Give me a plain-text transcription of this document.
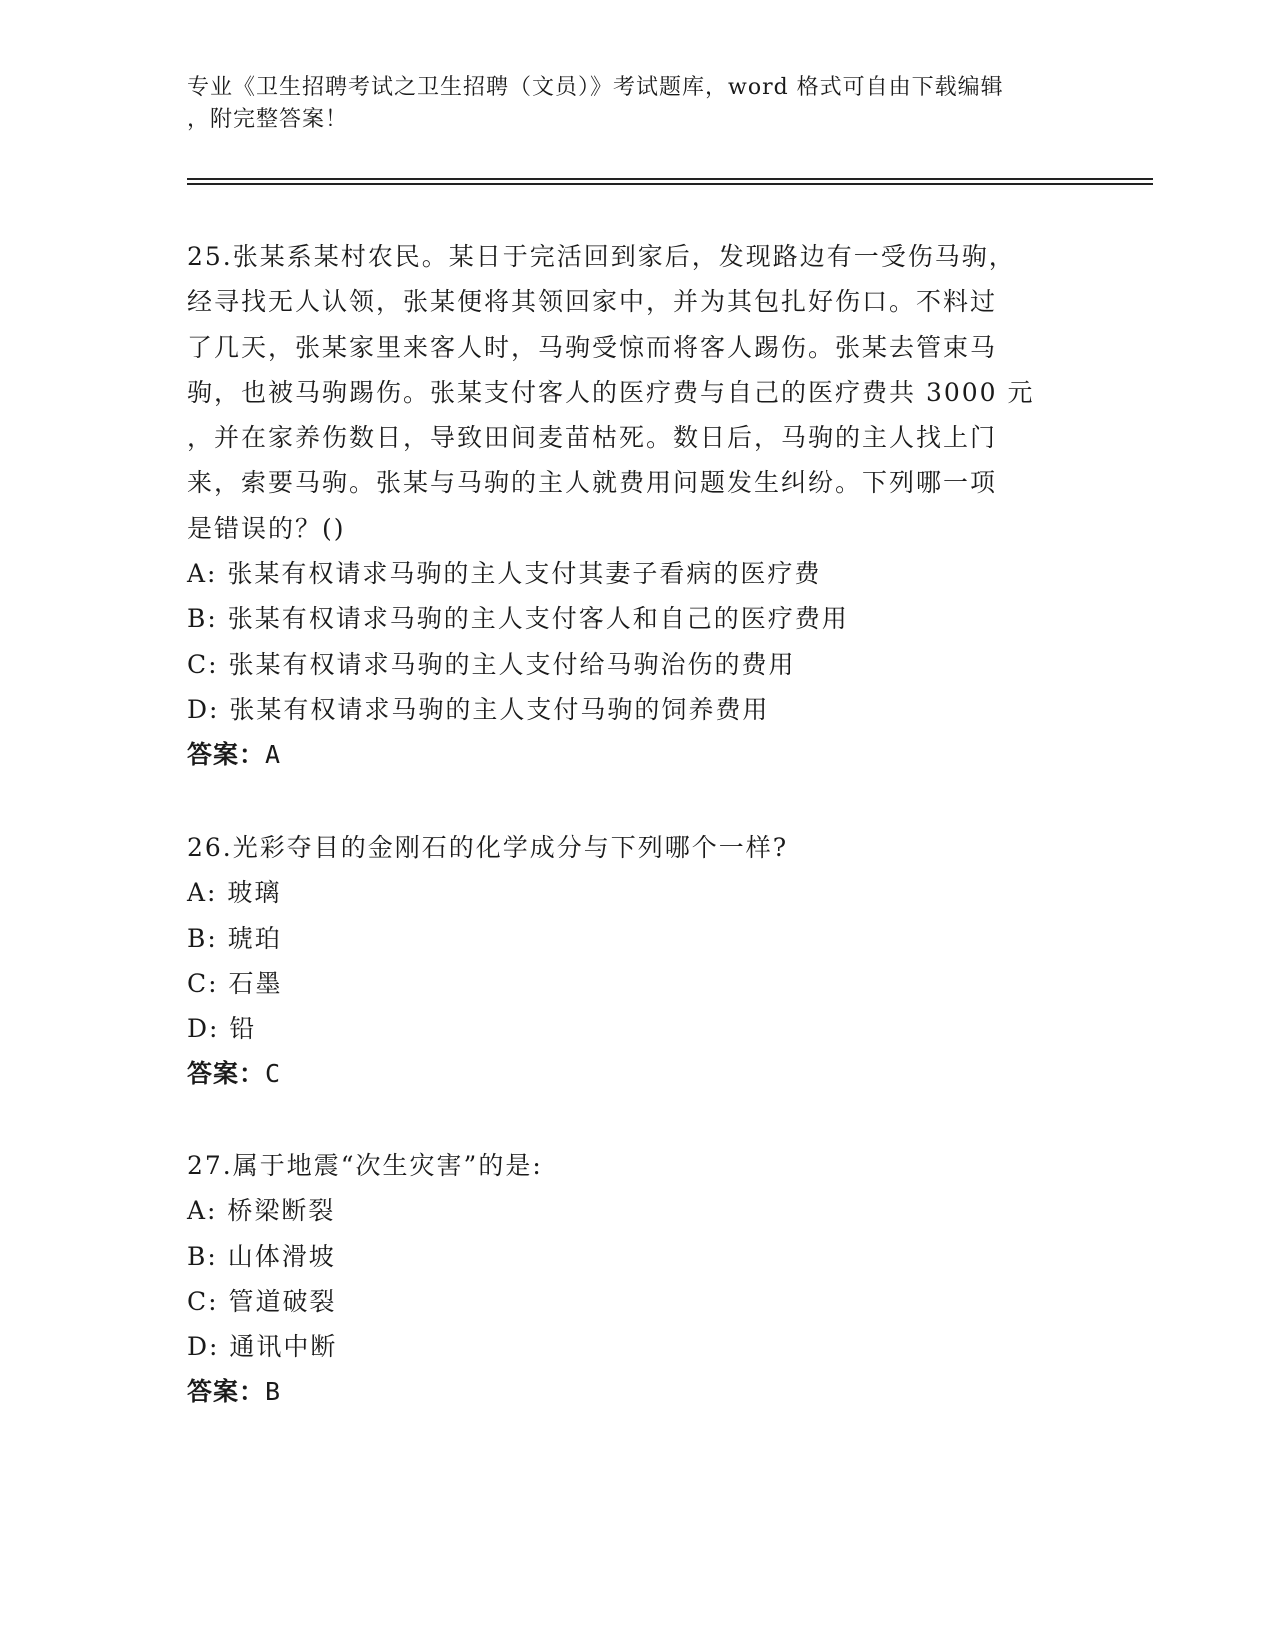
专业《卫生招聘考试之卫生招聘（文员）》考试题库，word 格式可自由下载编辑
，附完整答案！
25.张某系某村农民。某日于完活回到家后，发现路边有一受伤马驹，
经寻找无人认领，张某便将其领回家中，并为其包扎好伤口。不料过
了几天，张某家里来客人时，马驹受惊而将客人踢伤。张某去管束马
驹，也被马驹踢伤。张某支付客人的医疗费与自己的医疗费共 3000 元
，并在家养伤数日，导致田间麦苗枯死。数日后，马驹的主人找上门
来，索要马驹。张某与马驹的主人就费用问题发生纠纷。下列哪一项
是错误的？()
A: 张某有权请求马驹的主人支付其妻子看病的医疗费
B: 张某有权请求马驹的主人支付客人和自己的医疗费用
C: 张某有权请求马驹的主人支付给马驹治伤的费用
D: 张某有权请求马驹的主人支付马驹的饲养费用
答案：A
26.光彩夺目的金刚石的化学成分与下列哪个一样?
A: 玻璃
B: 琥珀
C: 石墨
D: 铅
答案：C
27.属于地震“次生灾害”的是:
A: 桥梁断裂
B: 山体滑坡
C: 管道破裂
D: 通讯中断
答案：B
